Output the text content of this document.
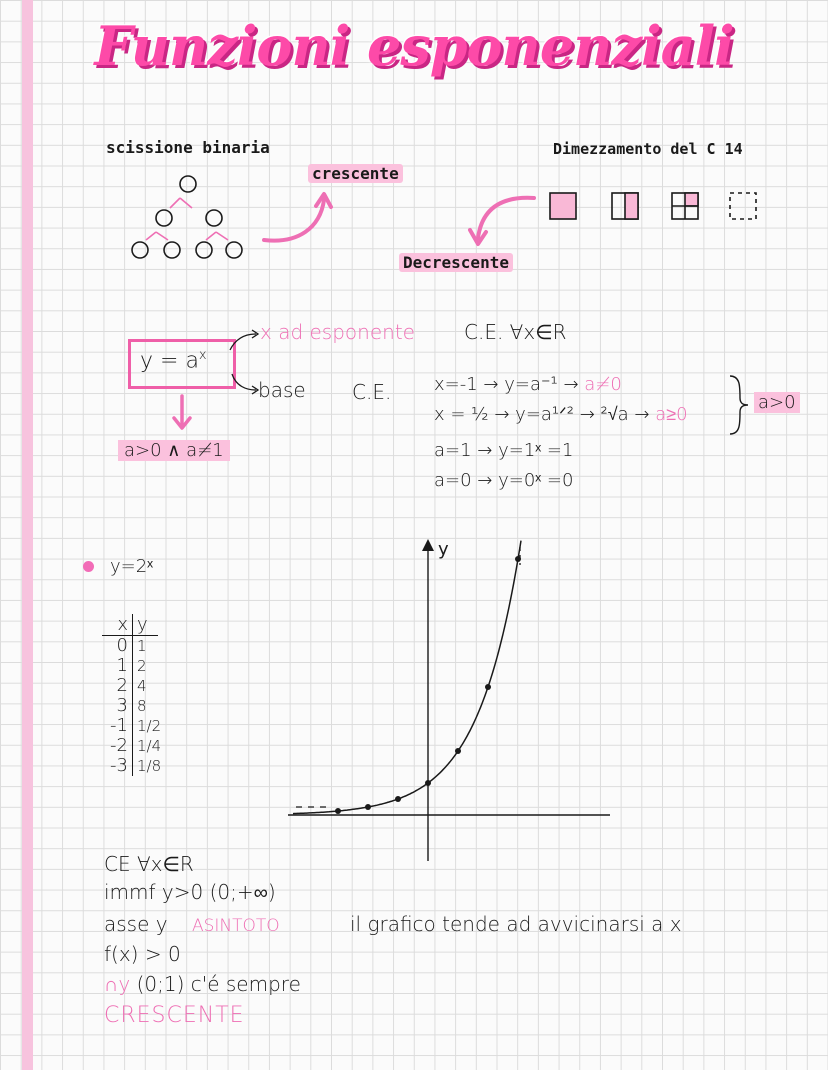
Funzioni esponenziali
scissione binaria
crescente
Dimezzamento del C 14
Decrescente
$y = a^x$
x ad esponente C.E. ∀x∈R
base C.E.
a>0 ∧ a≠1
x=-1 → y=a⁻¹ → a≠0
x = ½ → y=a¹ᐟ² → ²√a → a≥0
a=1 → y=1ˣ =1
a=0 → y=0ˣ =0
a>0
y=2ˣ
x y
0 1
1 2
2 4
3 8
-1 1/2
-2 1/4
-3 1/8
y
CE ∀x∈R
immf y>0 (0;+∞)
asse y ASINTOTO	il grafico tende ad avvicinarsi a x
f(x) > 0
∩y (0;1) c'é sempre
CRESCENTE
